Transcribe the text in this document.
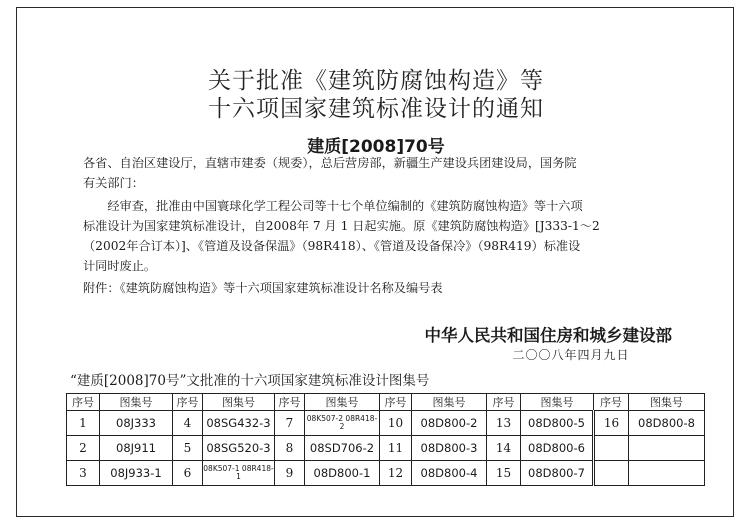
关于批准《建筑防腐蚀构造》等
十六项国家建筑标准设计的通知
建质[2008]70号
各省、自治区建设厅，直辖市建委（规委），总后营房部，新疆生产建设兵团建设局，国务院
有关部门：
　　经审查，批准由中国寰球化学工程公司等十七个单位编制的《建筑防腐蚀构造》等十六项
标准设计为国家建筑标准设计，自2008年 7 月 1 日起实施。原《建筑防腐蚀构造》[J333-1～2
（2002年合订本）]、《管道及设备保温》（98R418）、《管道及设备保冷》（98R419）标准设
计同时废止。
附件：《建筑防腐蚀构造》等十六项国家建筑标准设计名称及编号表
中华人民共和国住房和城乡建设部
二〇〇八年四月九日
“建质[2008]70号”文批准的十六项国家建筑标准设计图集号
序号	图集号	序号	图集号	序号	图集号	序号	图集号	序号	图集号	序号	图集号
1	08J333	4	08SG432-3	7	08K507-2 08R418-2	10	08D800-2	13	08D800-5	16	08D800-8
2	08J911	5	08SG520-3	8	08SD706-2	11	08D800-3	14	08D800-6		
3	08J933-1	6	08K507-1 08R418-1	9	08D800-1	12	08D800-4	15	08D800-7		
